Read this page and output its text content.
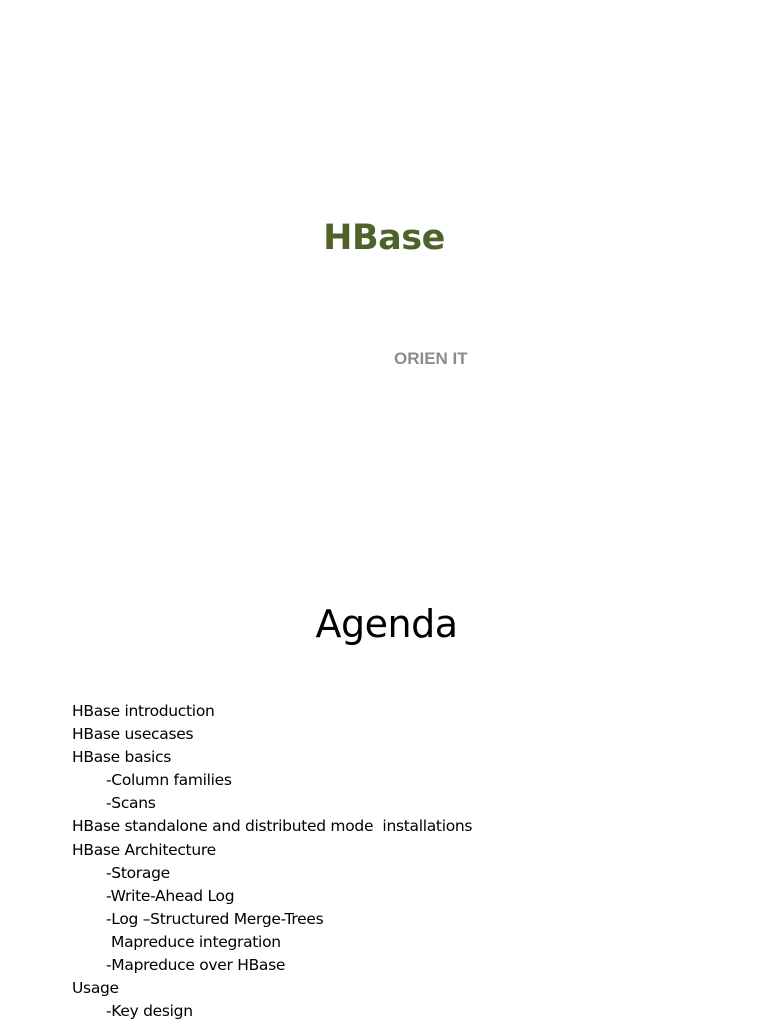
HBase
ORIEN IT
Agenda
HBase introduction
HBase usecases
HBase basics
-Column families
-Scans
HBase standalone and distributed mode  installations
HBase Architecture
-Storage
-Write-Ahead Log
-Log –Structured Merge-Trees
Mapreduce integration
-Mapreduce over HBase
Usage
-Key design
